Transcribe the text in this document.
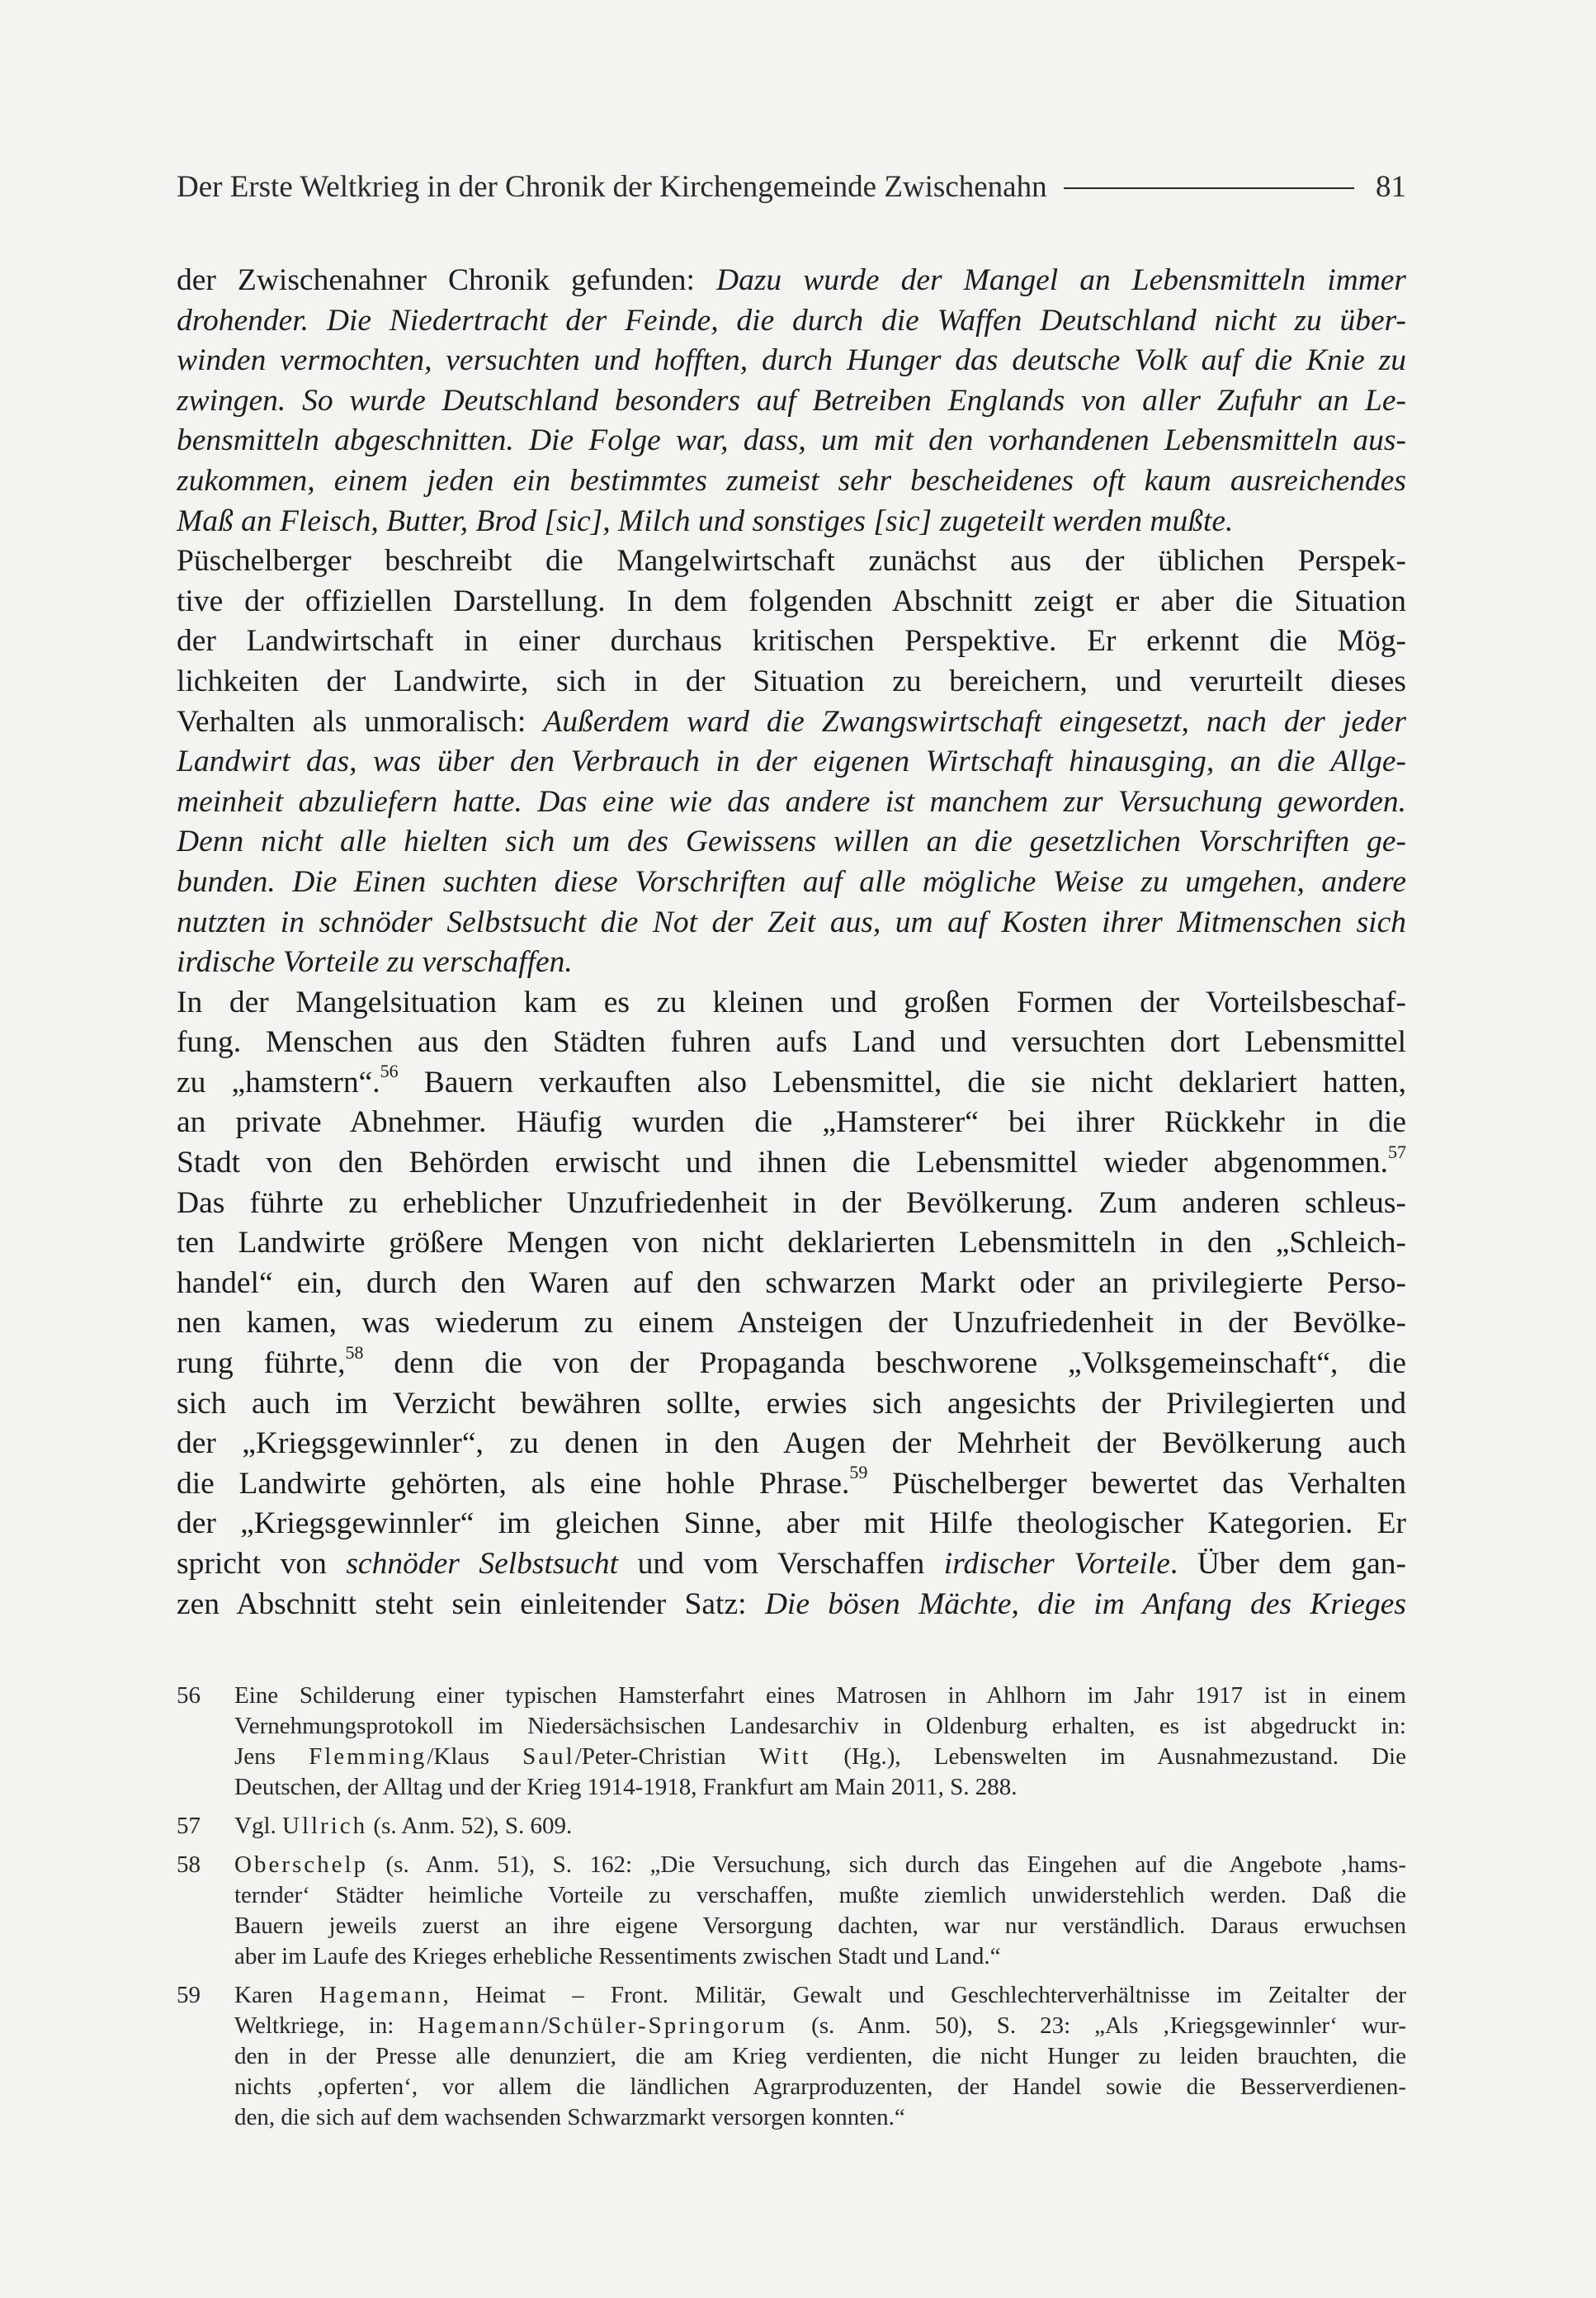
Der Erste Weltkrieg in der Chronik der Kirchengemeinde Zwischenahn	81
der Zwischenahner Chronik gefunden: Dazu wurde der Mangel an Lebensmitteln immer
drohender. Die Niedertracht der Feinde, die durch die Waffen Deutschland nicht zu über-
winden vermochten, versuchten und hofften, durch Hunger das deutsche Volk auf die Knie zu
zwingen. So wurde Deutschland besonders auf Betreiben Englands von aller Zufuhr an Le-
bensmitteln abgeschnitten. Die Folge war, dass, um mit den vorhandenen Lebensmitteln aus-
zukommen, einem jeden ein bestimmtes zumeist sehr bescheidenes oft kaum ausreichendes
Maß an Fleisch, Butter, Brod [sic], Milch und sonstiges [sic] zugeteilt werden mußte.
Püschelberger beschreibt die Mangelwirtschaft zunächst aus der üblichen Perspek-
tive der offiziellen Darstellung. In dem folgenden Abschnitt zeigt er aber die Situation
der Landwirtschaft in einer durchaus kritischen Perspektive. Er erkennt die Mög-
lichkeiten der Landwirte, sich in der Situation zu bereichern, und verurteilt dieses
Verhalten als unmoralisch: Außerdem ward die Zwangswirtschaft eingesetzt, nach der jeder
Landwirt das, was über den Verbrauch in der eigenen Wirtschaft hinausging, an die Allge-
meinheit abzuliefern hatte. Das eine wie das andere ist manchem zur Versuchung geworden.
Denn nicht alle hielten sich um des Gewissens willen an die gesetzlichen Vorschriften ge-
bunden. Die Einen suchten diese Vorschriften auf alle mögliche Weise zu umgehen, andere
nutzten in schnöder Selbstsucht die Not der Zeit aus, um auf Kosten ihrer Mitmenschen sich
irdische Vorteile zu verschaffen.
In der Mangelsituation kam es zu kleinen und großen Formen der Vorteilsbeschaf-
fung. Menschen aus den Städten fuhren aufs Land und versuchten dort Lebensmittel
zu „hamstern“.$^{56}$ Bauern verkauften also Lebensmittel, die sie nicht deklariert hatten,
an private Abnehmer. Häufig wurden die „Hamsterer“ bei ihrer Rückkehr in die
Stadt von den Behörden erwischt und ihnen die Lebensmittel wieder abgenommen.$^{57}$
Das führte zu erheblicher Unzufriedenheit in der Bevölkerung. Zum anderen schleus-
ten Landwirte größere Mengen von nicht deklarierten Lebensmitteln in den „Schleich-
handel“ ein, durch den Waren auf den schwarzen Markt oder an privilegierte Perso-
nen kamen, was wiederum zu einem Ansteigen der Unzufriedenheit in der Bevölke-
rung führte,$^{58}$ denn die von der Propaganda beschworene „Volksgemeinschaft“, die
sich auch im Verzicht bewähren sollte, erwies sich angesichts der Privilegierten und
der „Kriegsgewinnler“, zu denen in den Augen der Mehrheit der Bevölkerung auch
die Landwirte gehörten, als eine hohle Phrase.$^{59}$ Püschelberger bewertet das Verhalten
der „Kriegsgewinnler“ im gleichen Sinne, aber mit Hilfe theologischer Kategorien. Er
spricht von schnöder Selbstsucht und vom Verschaffen irdischer Vorteile. Über dem gan-
zen Abschnitt steht sein einleitender Satz: Die bösen Mächte, die im Anfang des Krieges
56 Eine Schilderung einer typischen Hamsterfahrt eines Matrosen in Ahlhorn im Jahr 1917 ist in einem
Vernehmungsprotokoll im Niedersächsischen Landesarchiv in Oldenburg erhalten, es ist abgedruckt in:
Jens Flemming/Klaus Saul/Peter-Christian Witt (Hg.), Lebenswelten im Ausnahmezustand. Die
Deutschen, der Alltag und der Krieg 1914-1918, Frankfurt am Main 2011, S. 288.
57 Vgl. Ullrich (s. Anm. 52), S. 609.
58 Oberschelp (s. Anm. 51), S. 162: „Die Versuchung, sich durch das Eingehen auf die Angebote ‚hams-
ternder‘ Städter heimliche Vorteile zu verschaffen, mußte ziemlich unwiderstehlich werden. Daß die
Bauern jeweils zuerst an ihre eigene Versorgung dachten, war nur verständlich. Daraus erwuchsen
aber im Laufe des Krieges erhebliche Ressentiments zwischen Stadt und Land.“
59 Karen Hagemann, Heimat – Front. Militär, Gewalt und Geschlechterverhältnisse im Zeitalter der
Weltkriege, in: Hagemann/Schüler-Springorum (s. Anm. 50), S. 23: „Als ‚Kriegsgewinnler‘ wur-
den in der Presse alle denunziert, die am Krieg verdienten, die nicht Hunger zu leiden brauchten, die
nichts ‚opferten‘, vor allem die ländlichen Agrarproduzenten, der Handel sowie die Besserverdienen-
den, die sich auf dem wachsenden Schwarzmarkt versorgen konnten.“
